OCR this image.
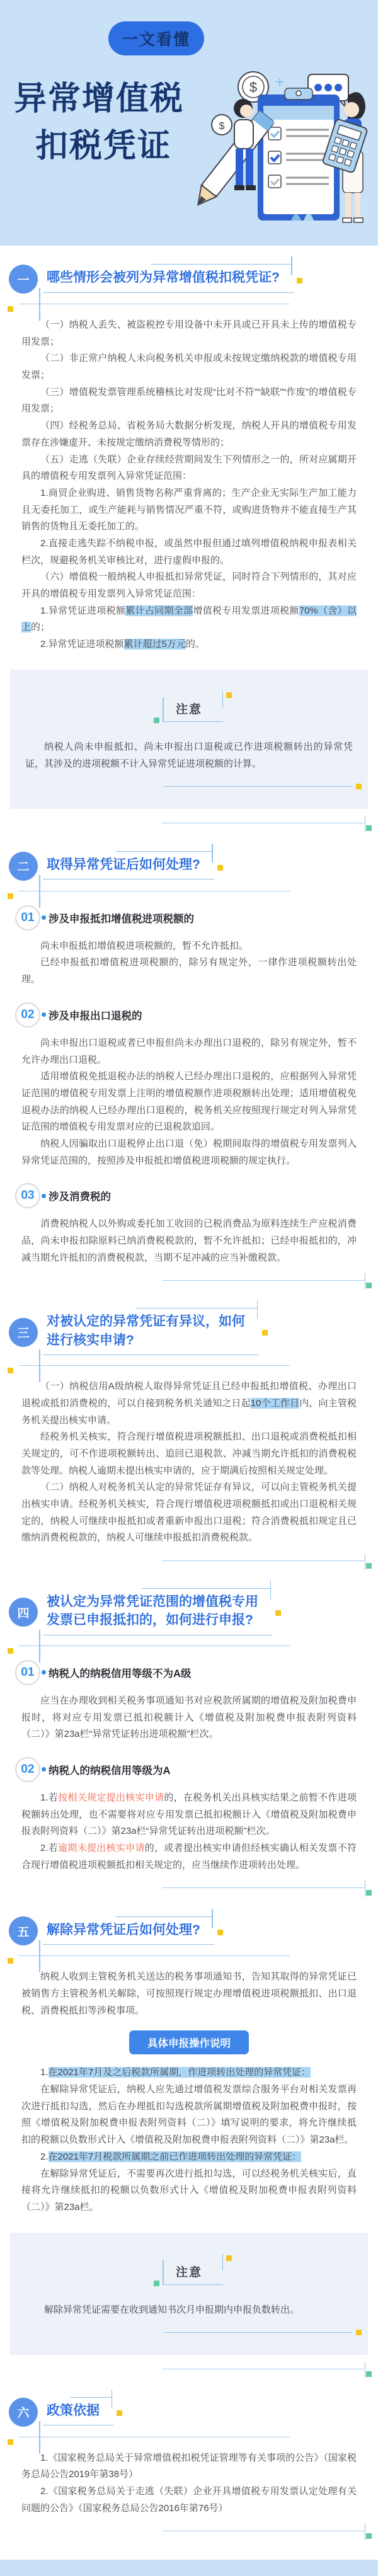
一文看懂
异常增值税
扣税凭证
$
$
一 哪些情形会被列为异常增值税扣税凭证?

（一）纳税人丢失、被盗税控专用设备中未开具或已开具未上传的增值税专用发票；

（二）非正常户纳税人未向税务机关申报或未按规定缴纳税款的增值税专用发票；

（三）增值税发票管理系统稽核比对发现“比对不符”“缺联”“作废”的增值税专用发票；

（四）经税务总局、省税务局大数据分析发现，纳税人开具的增值税专用发票存在涉嫌虚开、未按规定缴纳消费税等情形的；

（五）走逃（失联）企业存续经营期间发生下列情形之一的，所对应属期开具的增值税专用发票列入异常凭证范围：

1.商贸企业购进、销售货物名称严重背离的；生产企业无实际生产加工能力且无委托加工，或生产能耗与销售情况严重不符，或购进货物并不能直接生产其销售的货物且无委托加工的。

2.直接走逃失踪不纳税申报，或虽然申报但通过填列增值税纳税申报表相关栏次，规避税务机关审核比对，进行虚假申报的。

（六）增值税一般纳税人申报抵扣异常凭证，同时符合下列情形的，其对应开具的增值税专用发票列入异常凭证范围：

1.异常凭证进项税额累计占同期全部增值税专用发票进项税额70%（含）以上的；

2.异常凭证进项税额累计超过5万元的。

注意

纳税人尚未申报抵扣、尚未申报出口退税或已作进项税额转出的异常凭证，其涉及的进项税额不计入异常凭证进项税额的计算。

二 取得异常凭证后如何处理?
01 涉及申报抵扣增值税进项税额的

尚未申报抵扣增值税进项税额的，暂不允许抵扣。

已经申报抵扣增值税进项税额的，除另有规定外，一律作进项税额转出处理。

02 涉及申报出口退税的

尚未申报出口退税或者已申报但尚未办理出口退税的，除另有规定外，暂不允许办理出口退税。

适用增值税免抵退税办法的纳税人已经办理出口退税的，应根据列入异常凭证范围的增值税专用发票上注明的增值税额作进项税额转出处理；适用增值税免退税办法的纳税人已经办理出口退税的，税务机关应按照现行规定对列入异常凭证范围的增值税专用发票对应的已退税款追回。

纳税人因骗取出口退税停止出口退（免）税期间取得的增值税专用发票列入异常凭证范围的，按照涉及申报抵扣增值税进项税额的规定执行。

03 涉及消费税的

消费税纳税人以外购或委托加工收回的已税消费品为原料连续生产应税消费品，尚未申报扣除原料已纳消费税税款的，暂不允许抵扣；已经申报抵扣的，冲减当期允许抵扣的消费税税款，当期不足冲减的应当补缴税款。

三
对被认定的异常凭证有异议，如何
进行核实申请?

（一）纳税信用A级纳税人取得异常凭证且已经申报抵扣增值税、办理出口退税或抵扣消费税的，可以自接到税务机关通知之日起10个工作日内，向主管税务机关提出核实申请。

经税务机关核实，符合现行增值税进项税额抵扣、出口退税或消费税抵扣相关规定的，可不作进项税额转出、追回已退税款、冲减当期允许抵扣的消费税税款等处理。纳税人逾期未提出核实申请的，应于期满后按照相关规定处理。

（二）纳税人对税务机关认定的异常凭证存有异议，可以向主管税务机关提出核实申请。经税务机关核实，符合现行增值税进项税额抵扣或出口退税相关规定的，纳税人可继续申报抵扣或者重新申报出口退税；符合消费税抵扣规定且已缴纳消费税税款的，纳税人可继续申报抵扣消费税税款。

四
被认定为异常凭证范围的增值税专用
发票已申报抵扣的，如何进行申报?
01 纳税人的纳税信用等级不为A级

应当在办理收到相关税务事项通知书对应税款所属期的增值税及附加税费申报时，将对应专用发票已抵扣税额计入《增值税及附加税费申报表附列资料（二）》第23a栏“异常凭证转出进项税额”栏次。

02 纳税人的纳税信用等级为A

1.若按相关规定提出核实申请的，在税务机关出具核实结果之前暂不作进项税额转出处理，也不需要将对应专用发票已抵扣税额计入《增值税及附加税费申报表附列资料（二）》第23a栏“异常凭证转出进项税额”栏次。

2.若逾期未提出核实申请的，或者提出核实申请但经核实确认相关发票不符合现行增值税进项税额抵扣相关规定的，应当继续作进项转出处理。

五 解除异常凭证后如何处理?

纳税人收到主管税务机关送达的税务事项通知书，告知其取得的异常凭证已被销售方主管税务机关解除，可按照现行规定办理增值税进项税额抵扣、出口退税、消费税抵扣等涉税事项。

具体申报操作说明

1.在2021年7月及之后税款所属期，作进项转出处理的异常凭证：

在解除异常凭证后，纳税人应先通过增值税发票综合服务平台对相关发票再次进行抵扣勾选，然后在办理抵扣勾选税款所属期增值税及附加税费申报时，按照《增值税及附加税费申报表附列资料（二）》填写说明的要求，将允许继续抵扣的税额以负数形式计入《增值税及附加税费申报表附列资料（二）》第23a栏。

2.在2021年7月税款所属期之前已作进项转出处理的异常凭证：

在解除异常凭证后，不需要再次进行抵扣勾选，可以经税务机关核实后，直接将允许继续抵扣的税额以负数形式计入《增值税及附加税费申报表附列资料（二）》第23a栏。

注意

解除异常凭证需要在收到通知书次月申报期内申报负数转出。

六 政策依据

1.《国家税务总局关于异常增值税扣税凭证管理等有关事项的公告》（国家税务总局公告2019年第38号）

2.《国家税务总局关于走逃（失联）企业开具增值税专用发票认定处理有关问题的公告》（国家税务总局公告2016年第76号）
